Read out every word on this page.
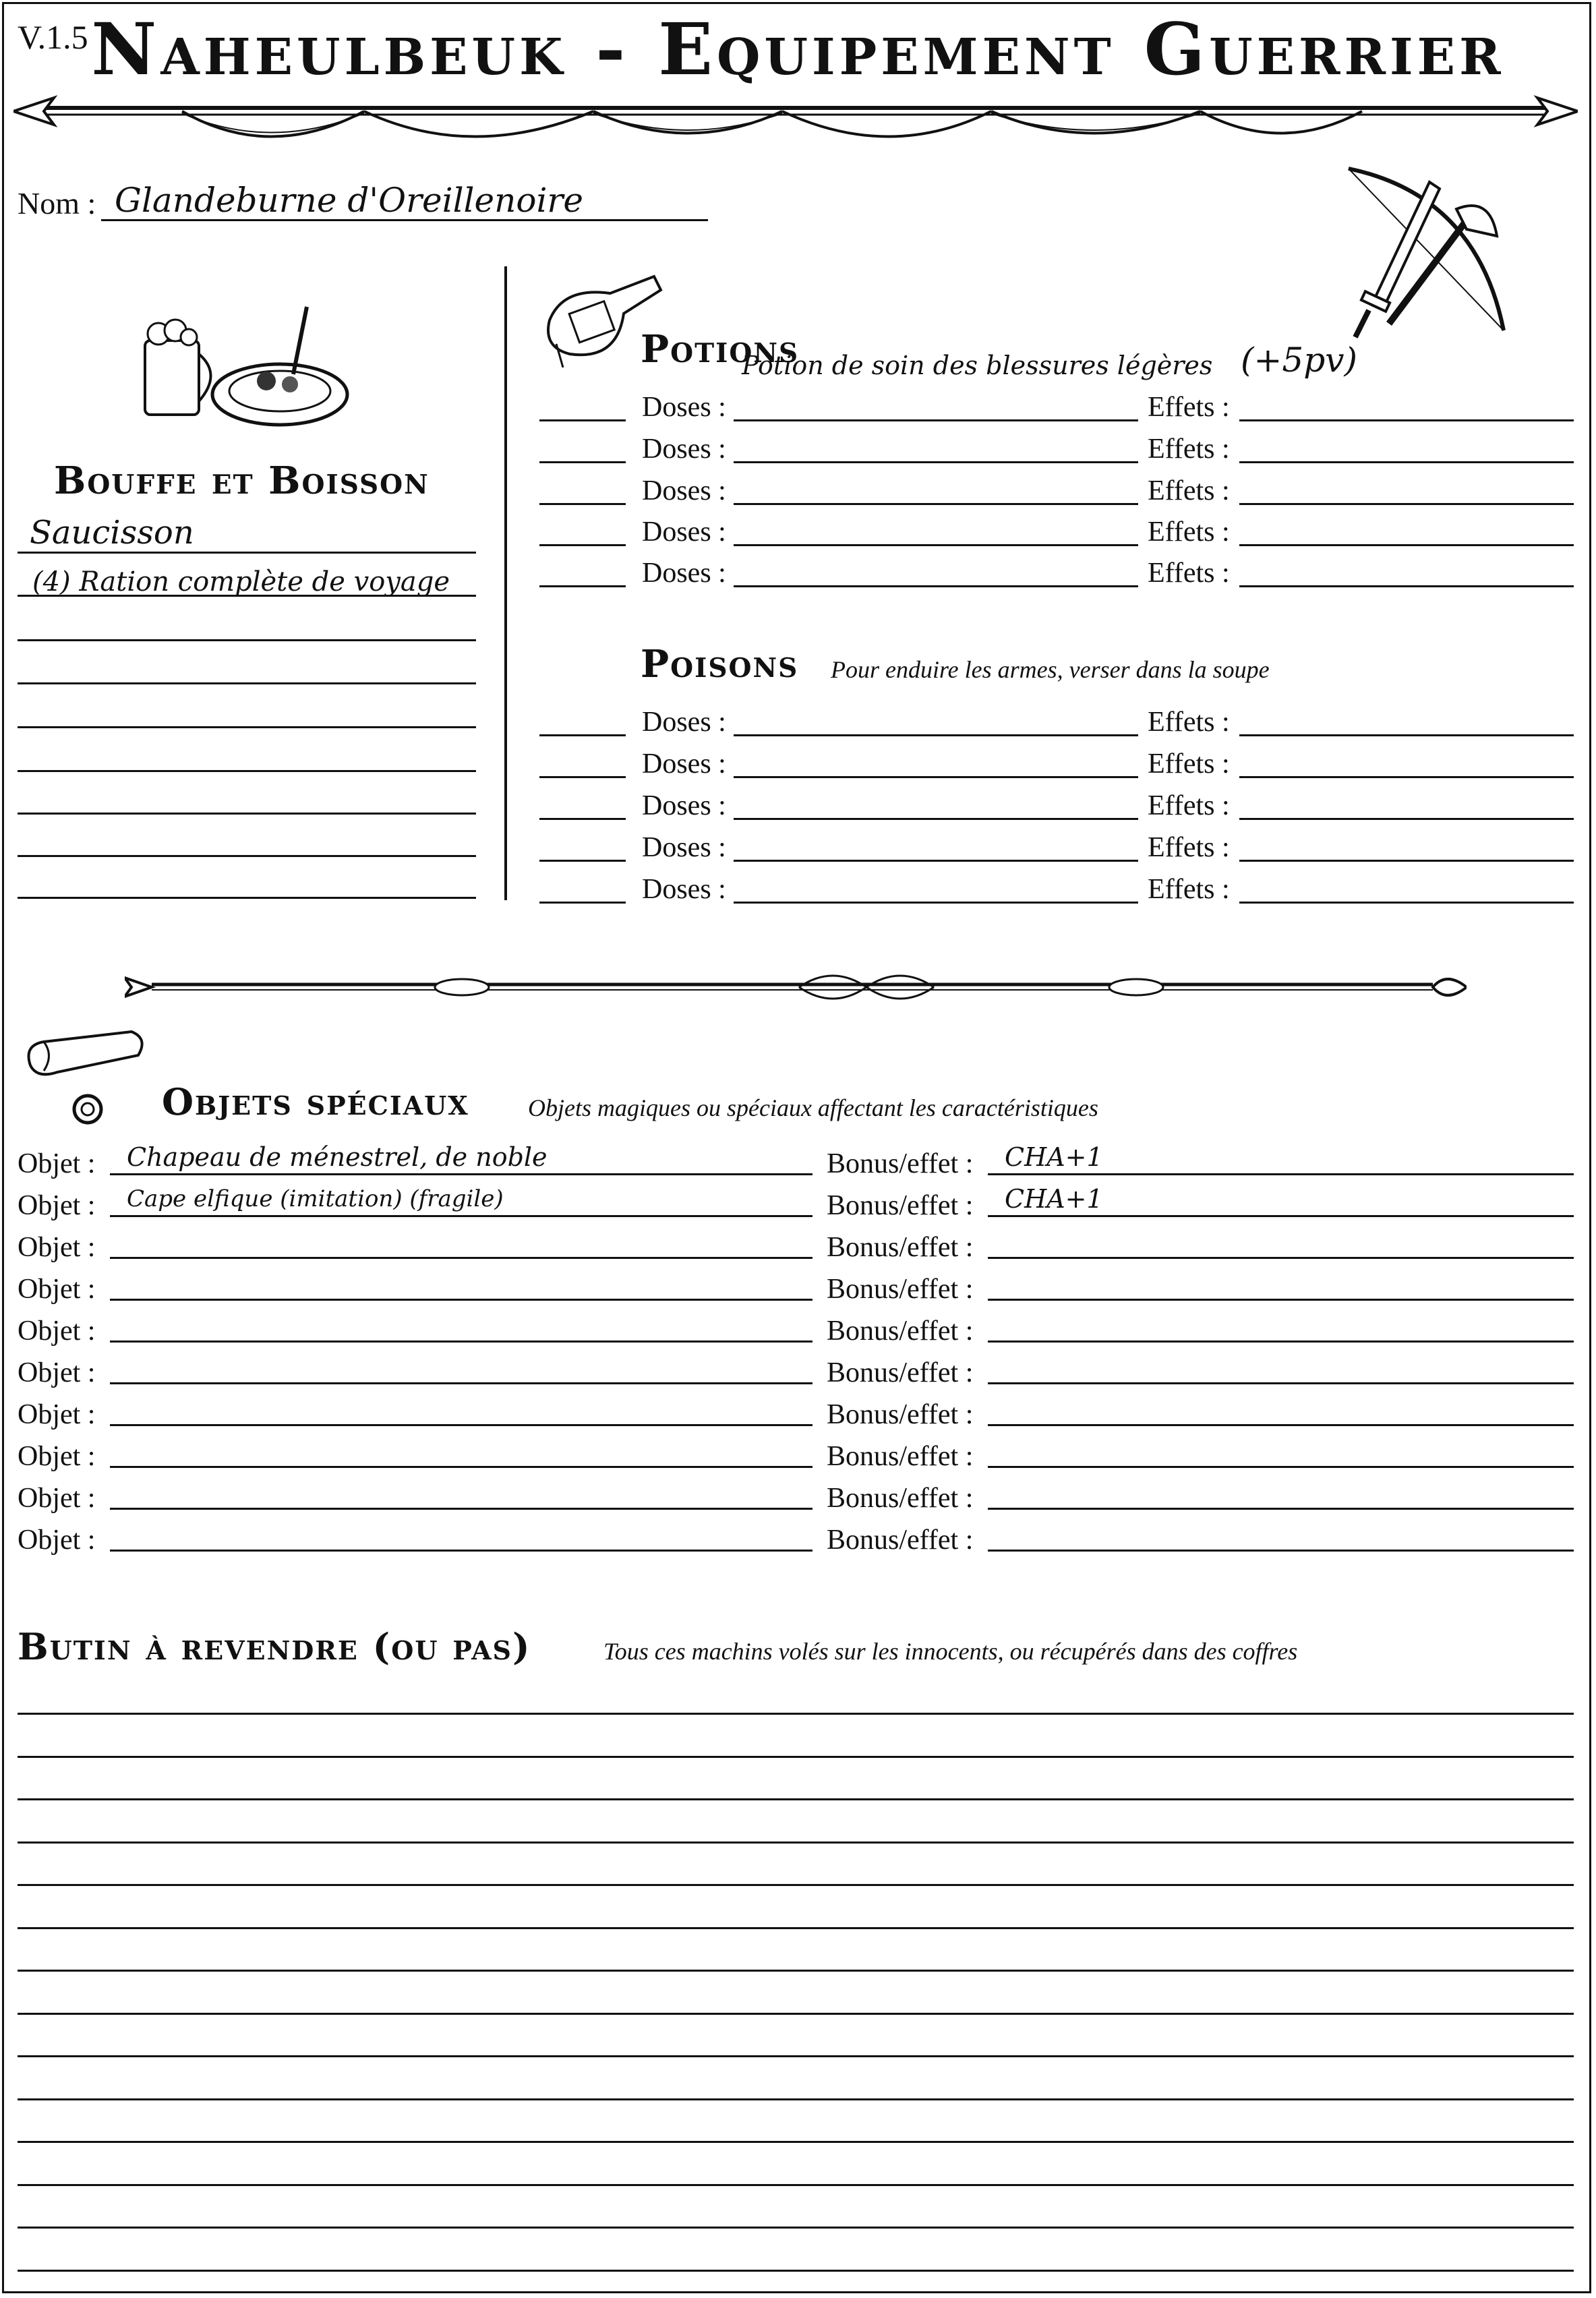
V.1.5 Naheulbeuk - Equipement Guerrier
Nom : Glandeburne d'Oreillenoire
Bouffe et Boisson
Saucisson
(4) Ration complète de voyage
Potions
Potion de soin des blessures légères (+5pv)
Doses :	Effets :
Doses :	Effets :
Doses :	Effets :
Doses :	Effets :
Doses :	Effets :
Poisons Pour enduire les armes, verser dans la soupe
Doses :	Effets :
Doses :	Effets :
Doses :	Effets :
Doses :	Effets :
Doses :	Effets :
Objets spéciaux Objets magiques ou spéciaux affectant les caractéristiques
Objet : Chapeau de ménestrel, de noble	Bonus/effet : CHA+1
Objet : Cape elfique (imitation) (fragile)	Bonus/effet : CHA+1
Objet :	Bonus/effet :
Objet :	Bonus/effet :
Objet :	Bonus/effet :
Objet :	Bonus/effet :
Objet :	Bonus/effet :
Objet :	Bonus/effet :
Objet :	Bonus/effet :
Objet :	Bonus/effet :
Butin à revendre (ou pas)	Tous ces machins volés sur les innocents, ou récupérés dans des coffres
